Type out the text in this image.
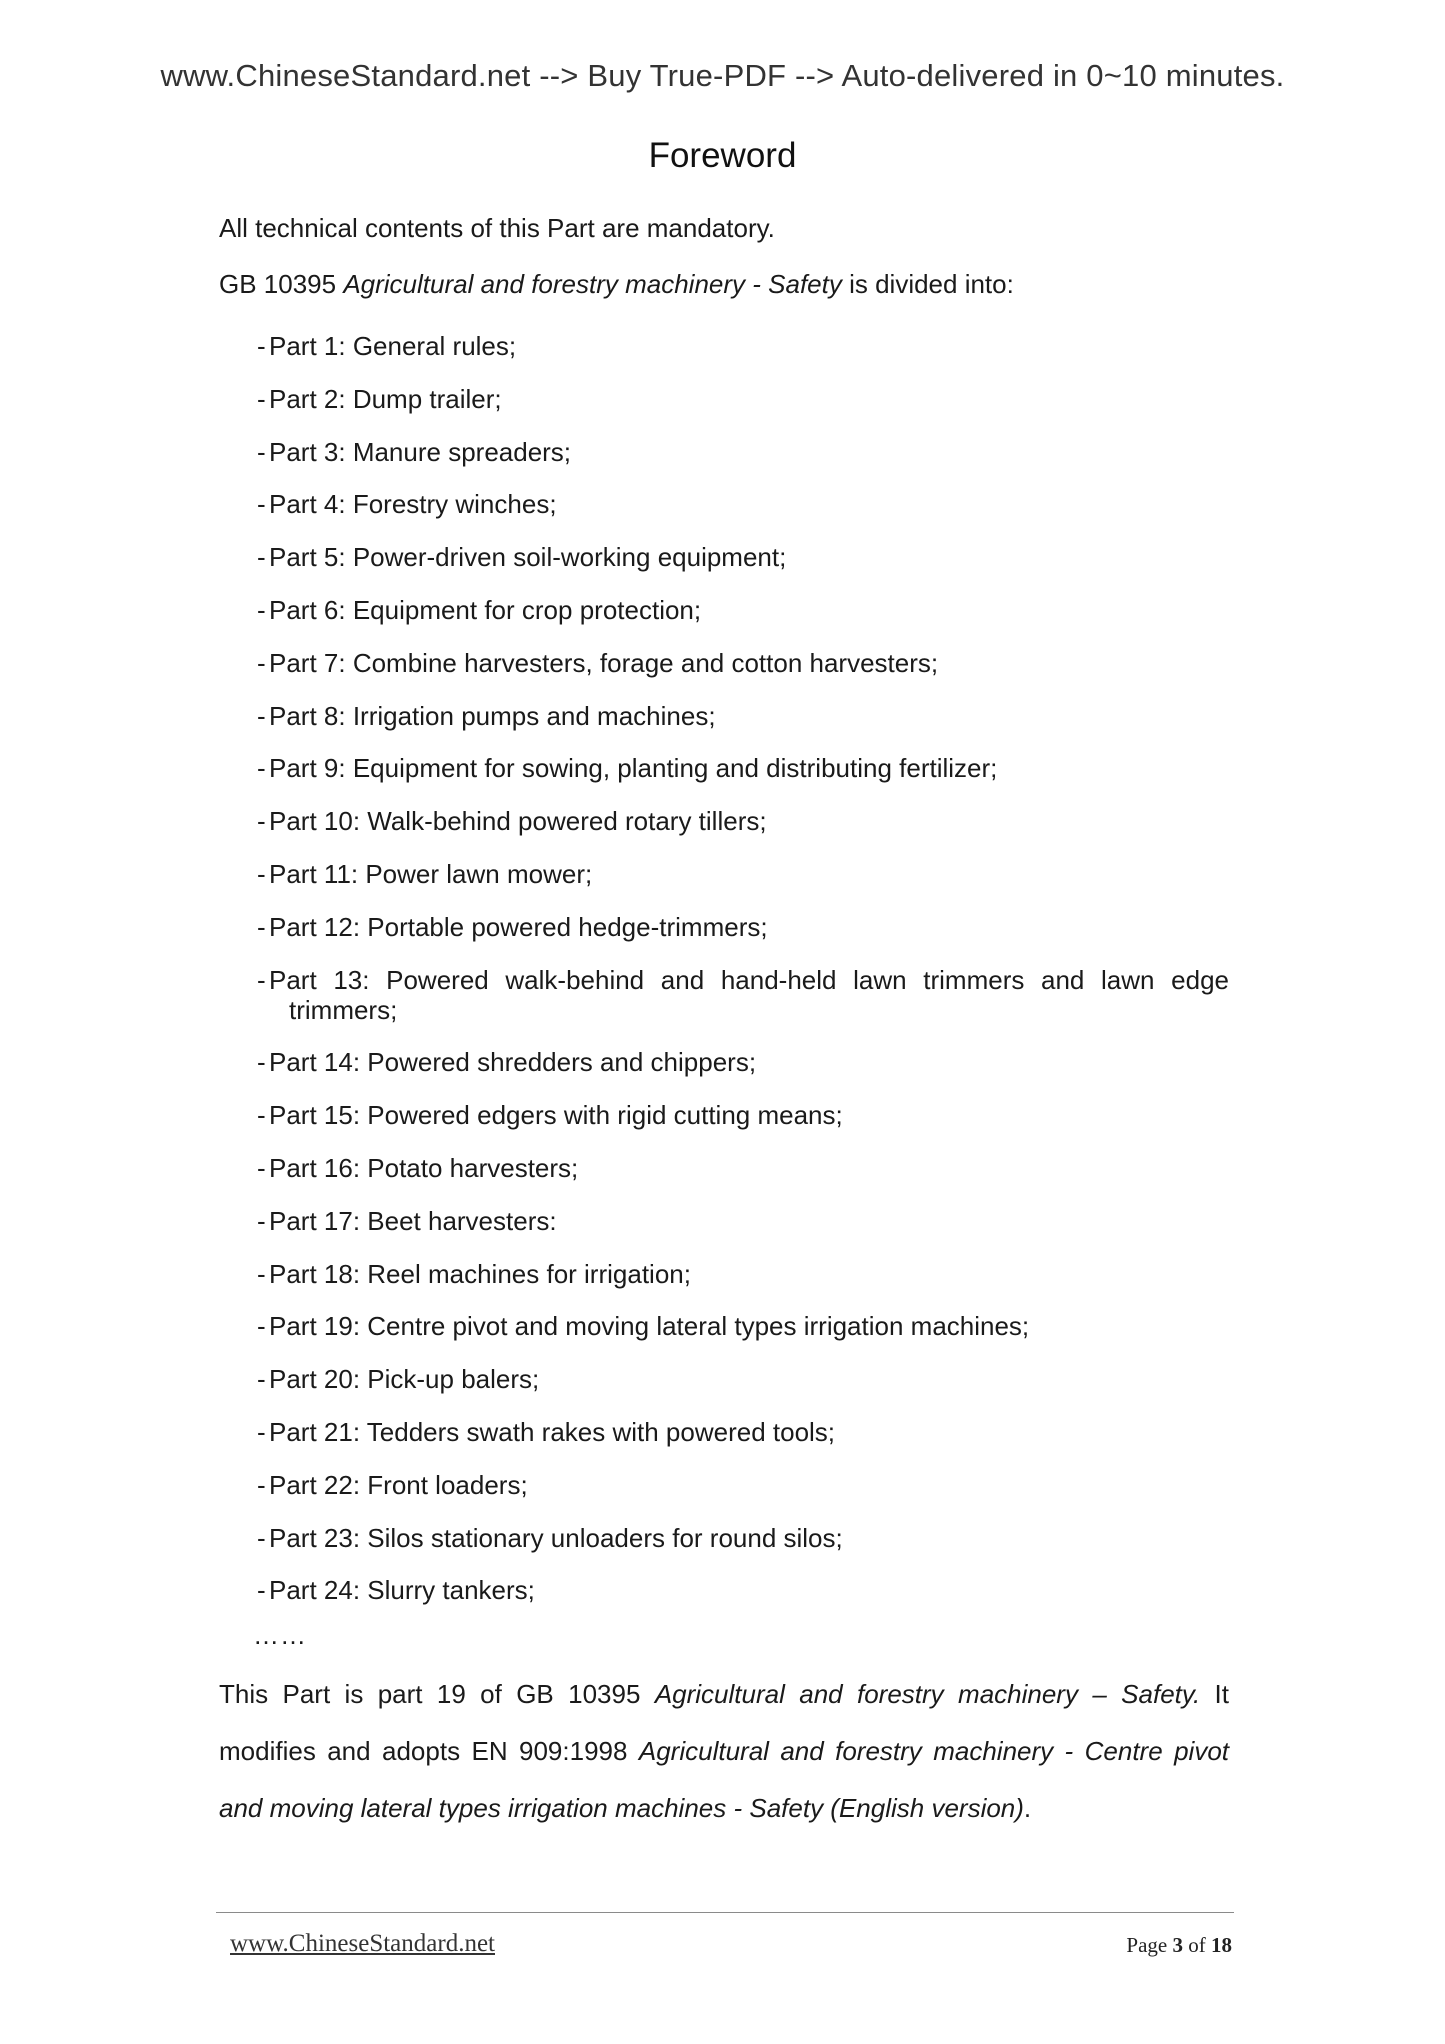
www.ChineseStandard.net --> Buy True-PDF --> Auto-delivered in 0~10 minutes.
Foreword

All technical contents of this Part are mandatory.

GB 10395 Agricultural and forestry machinery - Safety is divided into:

- Part 1: General rules;
- Part 2: Dump trailer;
- Part 3: Manure spreaders;
- Part 4: Forestry winches;
- Part 5: Power-driven soil-working equipment;
- Part 6: Equipment for crop protection;
- Part 7: Combine harvesters, forage and cotton harvesters;
- Part 8: Irrigation pumps and machines;
- Part 9: Equipment for sowing, planting and distributing fertilizer;
- Part 10: Walk-behind powered rotary tillers;
- Part 11: Power lawn mower;
- Part 12: Portable powered hedge-trimmers;
- Part 13: Powered walk-behind and hand-held lawn trimmers and lawn edge trimmers;
- Part 14: Powered shredders and chippers;
- Part 15: Powered edgers with rigid cutting means;
- Part 16: Potato harvesters;
- Part 17: Beet harvesters:
- Part 18: Reel machines for irrigation;
- Part 19: Centre pivot and moving lateral types irrigation machines;
- Part 20: Pick-up balers;
- Part 21: Tedders swath rakes with powered tools;
- Part 22: Front loaders;
- Part 23: Silos stationary unloaders for round silos;
- Part 24: Slurry tankers;

……

This Part is part 19 of GB 10395 Agricultural and forestry machinery – Safety. It modifies and adopts EN 909:1998 Agricultural and forestry machinery - Centre pivot and moving lateral types irrigation machines - Safety (English version).

www.ChineseStandard.net	Page 3 of 18
